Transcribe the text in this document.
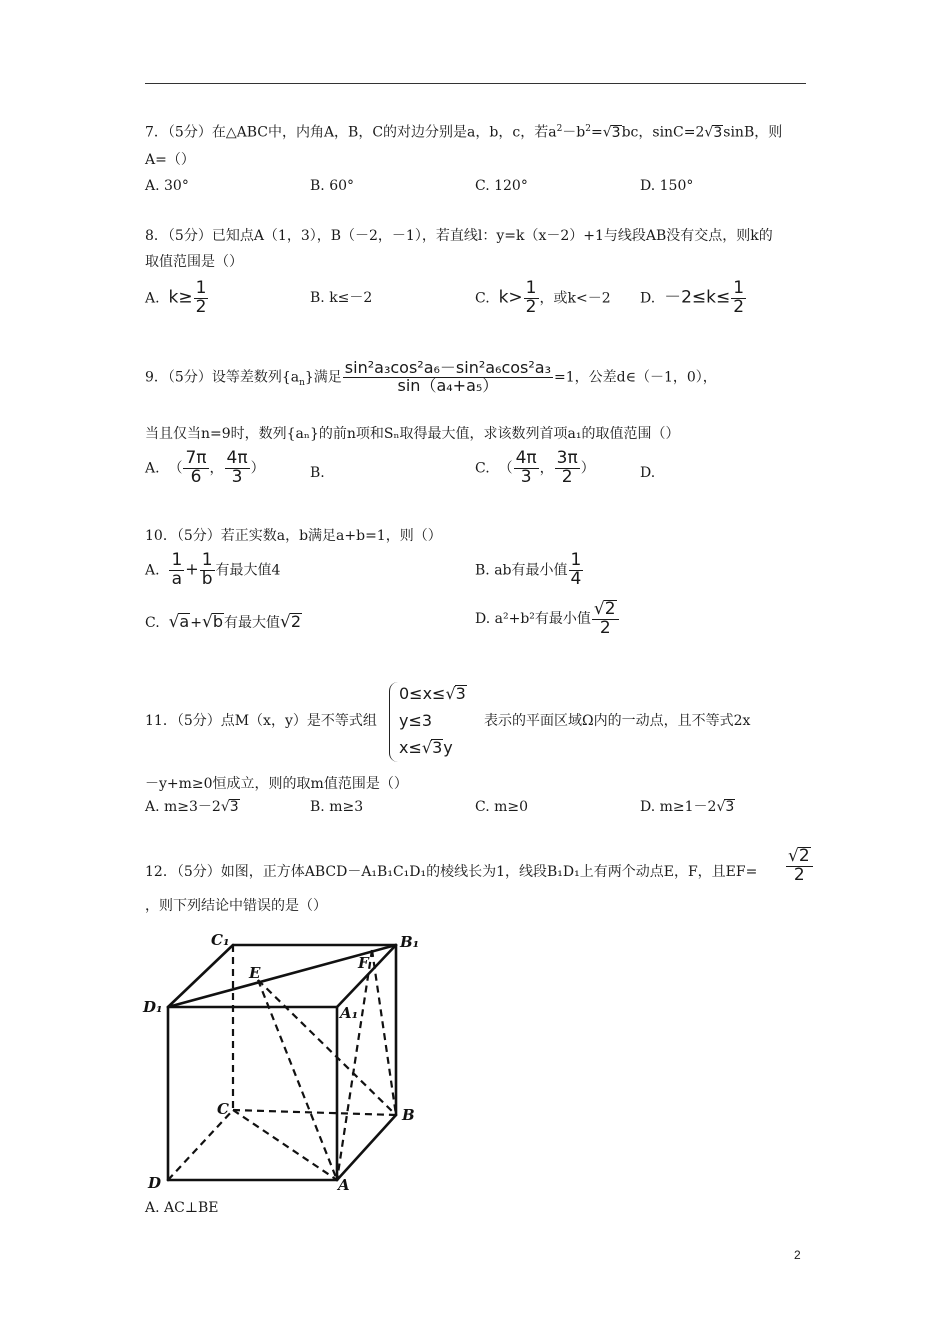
7．（5分）在△ABC中，内角A，B，C的对边分别是a，b，c，若$a^2-b^2=√3bc$，sinC=2√3sinB，则
A=（）
A. 30°	B. 60°	C. 120°	D. 150°
8．（5分）已知点A（1，3），B（－2，－1），若直线l：y=k（x－2）+1与线段AB没有交点，则k的
取值范围是（）
A. $k\ge \frac{1}{2}$	B. k≤－2	C. $k> \frac{1}{2}$ ，或k<－2 D. $-2\le k\le \frac{1}{2}$
9．（5分）设等差数列$\{a_n\}$满足 $\frac{\text{sin²a₃cos²a₆－sin²a₆cos²a₃}}{\text{sin（a₄+a₅）}} =1$，公差d∈（－1，0），
当且仅当n=9时，数列{aₙ}的前n项和Sₙ取得最大值，求该数列首项a₁的取值范围（）
A. （ $\frac{7\pi}{6}$ ， $\frac{4\pi}{3}$ ）	B.	C. （ $\frac{4\pi}{3}$ ， $\frac{3\pi}{2}$ ）	D.
10．（5分）若正实数a，b满足a+b=1，则（）
A. $\frac{1}{a} + \frac{1}{b}$ 有最大值4	B. ab有最小值 $\frac{1}{4}$
C. √a+√b有最大值√2	D. a²+b²有最小值 $\frac{√2}{2}$
0≤x≤√3
y≤3
x≤√3y
11．（5分）点M（x，y）是不等式组	表示的平面区域Ω内的一动点，且不等式2x
－y+m≥0恒成立，则的取m值范围是（）
A. m≥3－2√3	B. m≥3	C. m≥0	D. m≥1－2√3
12．（5分）如图，正方体ABCD－A₁B₁C₁D₁的棱线长为1，线段B₁D₁上有两个动点E，F，且$EF= \frac{√2}{2}$
，则下列结论中错误的是（）
C₁	B₁
D₁	A₁
E
F
C	B
D	A
A. AC⊥BE
2
